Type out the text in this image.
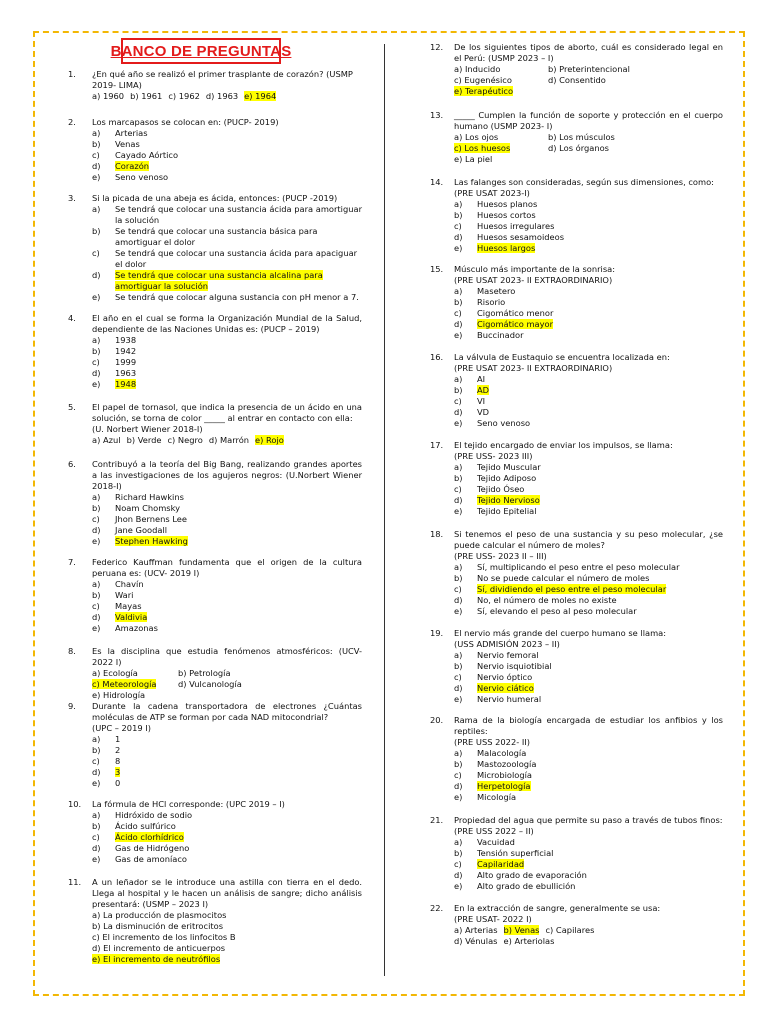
BANCO DE PREGUNTAS
1.	¿En qué año se realizó el primer trasplante de corazón? (USMP
2019- LIMA)
a) 1960 b) 1961 c) 1962 d) 1963 e) 1964
2.	Los marcapasos se colocan en: (PUCP- 2019)
a)	Arterias
b)	Venas
c)	Cayado Aórtico
d)	Corazón
e)	Seno venoso
3.	Si la picada de una abeja es ácida, entonces: (PUCP -2019)
a)	Se tendrá que colocar una sustancia ácida para amortiguar la solución
b)	Se tendrá que colocar una sustancia básica para amortiguar el dolor
c)	Se tendrá que colocar una sustancia ácida para apaciguar el dolor
d)	Se tendrá que colocar una sustancia alcalina para amortiguar la solución
e)	Se tendrá que colocar alguna sustancia con pH menor a 7.
4.	El año en el cual se forma la Organización Mundial de la Salud, dependiente de las Naciones Unidas es: (PUCP – 2019)
a)	1938
b)	1942
c)	1999
d)	1963
e)	1948
5.	El papel de tornasol, que indica la presencia de un ácido en una solución, se torna de color _____ al entrar en contacto con ella:
(U. Norbert Wiener 2018-I)
a) Azul b) Verde c) Negro d) Marrón e) Rojo
6.	Contribuyó a la teoría del Big Bang, realizando grandes aportes a las investigaciones de los agujeros negros: (U.Norbert Wiener 2018-I)
a)	Richard Hawkins
b)	Noam Chomsky
c)	Jhon Bernens Lee
d)	Jane Goodall
e)	Stephen Hawking
7.	Federico Kauffman fundamenta que el origen de la cultura peruana es: (UCV- 2019 I)
a)	Chavín
b)	Wari
c)	Mayas
d)	Valdivia
e)	Amazonas
8.	Es la disciplina que estudia fenómenos atmosféricos: (UCV- 2022 I)
a) Ecología	b) Petrología
c) Meteorología	d) Vulcanología
e) Hidrología
9.	Durante la cadena transportadora de electrones ¿Cuántas moléculas de ATP se forman por cada NAD mitocondrial?
(UPC – 2019 I)
a)	1
b)	2
c)	8
d)	3
e)	0
10.	La fórmula de HCl corresponde: (UPC 2019 – I)
a)	Hidróxido de sodio
b)	Ácido sulfúrico
c)	Ácido clorhídrico
d)	Gas de Hidrógeno
e)	Gas de amoníaco
11.	A un leñador se le introduce una astilla con tierra en el dedo. Llega al hospital y le hacen un análisis de sangre; dicho análisis presentará: (USMP – 2023 I)
a) La producción de plasmocitos
b) La disminución de eritrocitos
c) El incremento de los linfocitos B
d) El incremento de anticuerpos
e) El incremento de neutrófilos
12.	De los siguientes tipos de aborto, cuál es considerado legal en el Perú: (USMP 2023 – I)
a) Inducido	b) Preterintencional
c) Eugenésico	d) Consentido
e) Terapéutico
13.	_____ Cumplen la función de soporte y protección en el cuerpo humano (USMP 2023- I)
a) Los ojos	b) Los músculos
c) Los huesos	d) Los órganos
e) La piel
14.	Las falanges son consideradas, según sus dimensiones, como:
(PRE USAT 2023-I)
a)	Huesos planos
b)	Huesos cortos
c)	Huesos irregulares
d)	Huesos sesamoideos
e)	Huesos largos
15.	Músculo más importante de la sonrisa:
(PRE USAT 2023- II EXTRAORDINARIO)
a)	Masetero
b)	Risorio
c)	Cigomático menor
d)	Cigomático mayor
e)	Buccinador
16.	La válvula de Eustaquio se encuentra localizada en:
(PRE USAT 2023- II EXTRAORDINARIO)
a)	AI
b)	AD
c)	VI
d)	VD
e)	Seno venoso
17.	El tejido encargado de enviar los impulsos, se llama:
(PRE USS- 2023 III)
a)	Tejido Muscular
b)	Tejido Adiposo
c)	Tejido Óseo
d)	Tejido Nervioso
e)	Tejido Epitelial
18.	Si tenemos el peso de una sustancia y su peso molecular, ¿se puede calcular el número de moles?
(PRE USS- 2023 II – III)
a)	Sí, multiplicando el peso entre el peso molecular
b)	No se puede calcular el número de moles
c)	Sí, dividiendo el peso entre el peso molecular
d)	No, el número de moles no existe
e)	Sí, elevando el peso al peso molecular
19.	El nervio más grande del cuerpo humano se llama:
(USS ADMISIÓN 2023 – II)
a)	Nervio femoral
b)	Nervio isquiotibial
c)	Nervio óptico
d)	Nervio ciático
e)	Nervio humeral
20.	Rama de la biología encargada de estudiar los anfibios y los reptiles:
(PRE USS 2022- II)
a)	Malacología
b)	Mastozoología
c)	Microbiología
d)	Herpetología
e)	Micología
21.	Propiedad del agua que permite su paso a través de tubos finos:
(PRE USS 2022 – II)
a)	Vacuidad
b)	Tensión superficial
c)	Capilaridad
d)	Alto grado de evaporación
e)	Alto grado de ebullición
22.	En la extracción de sangre, generalmente se usa:
(PRE USAT- 2022 I)
a) Arterias b) Venas c) Capilares
d) Vénulas e) Arteriolas
